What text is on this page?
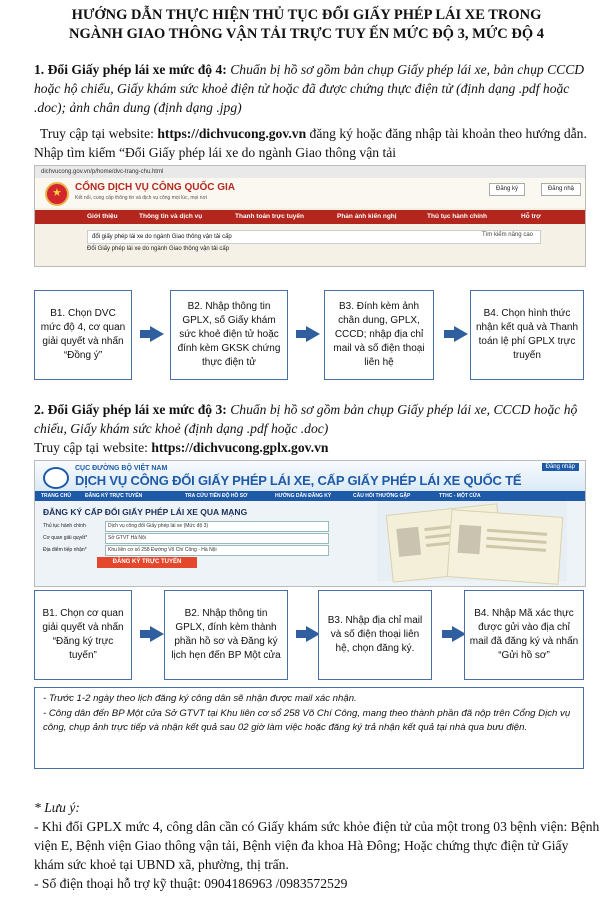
HƯỚNG DẪN THỰC HIỆN THỦ TỤC ĐỔI GIẤY PHÉP LÁI XE TRONG
NGÀNH GIAO THÔNG VẬN TẢI TRỰC TUY ẾN MỨC ĐỘ 3, MỨC ĐỘ 4
1. Đổi Giấy phép lái xe mức độ 4: Chuẩn bị hồ sơ gồm bản chụp Giấy phép lái xe, bản chụp CCCD hoặc hộ chiếu, Giấy khám sức khoẻ điện tử hoặc đã được chứng thực điện tử (định dạng .pdf hoặc .doc); ảnh chân dung (định dạng .jpg)
Truy cập tại website: https://dichvucong.gov.vn đăng ký hoặc đăng nhập tài khoản theo hướng dẫn. Nhập tìm kiếm “Đổi Giấy phép lái xe do ngành Giao thông vận tải
dichvucong.gov.vn/p/home/dvc-trang-chu.html
★
CỔNG DỊCH VỤ CÔNG QUỐC GIA
Kết nối, cung cấp thông tin và dịch vụ công mọi lúc, mọi nơi
Đăng ký	Đăng nhậ
Giới thiệu	Thông tin và dịch vụ	Thanh toán trực tuyến	Phản ánh kiến nghị	Thủ tục hành chính	Hỗ trợ
đổi giấy phép lái xe do ngành Giao thông vận tải cấp	Tìm kiếm nâng cao
Đổi Giấy phép lái xe do ngành Giao thông vận tải cấp
B1. Chọn DVC mức độ 4, cơ quan giải quyết và nhấn “Đồng ý”
B2. Nhập thông tin GPLX, số Giấy khám sức khoẻ điện tử hoặc đính kèm GKSK chứng thực điện tử
B3. Đính kèm ảnh chân dung, GPLX, CCCD; nhập địa chỉ mail và số điện thoại liên hệ
B4. Chọn hình thức nhận kết quả và Thanh toán lệ phí GPLX trực truyến
2. Đổi Giấy phép lái xe mức độ 3: Chuẩn bị hồ sơ gồm bản chụp Giấy phép lái xe, CCCD hoặc hộ chiếu, Giấy khám sức khoẻ (định dạng .pdf hoặc .doc)
Truy cập tại website: https://dichvucong.gplx.gov.vn
CỤC ĐƯỜNG BỘ VIỆT NAM
DỊCH VỤ CÔNG ĐỔI GIẤY PHÉP LÁI XE, CẤP GIẤY PHÉP LÁI XE QUỐC TẾ
Đăng nhập
TRANG CHỦ	ĐĂNG KÝ TRỰC TUYẾN	TRA CỨU TIẾN ĐỘ HỒ SƠ	HƯỚNG DẪN ĐĂNG KÝ	CÂU HỎI THƯỜNG GẶP	TTHC - MỘT CỬA
ĐĂNG KÝ CẤP ĐỔI GIẤY PHÉP LÁI XE QUA MẠNG
Thủ tục hành chính	Dịch vụ công đổi Giấy phép lái xe (Mức độ 3)
Cơ quan giải quyết*	Sở GTVT Hà Nội
Địa điểm tiếp nhận*	Khu liên cơ số 258 Đường Võ Chí Công - Hà Nội
ĐĂNG KÝ TRỰC TUYẾN
B1. Chọn cơ quan giải quyết và nhấn “Đăng ký trực tuyến”
B2. Nhập thông tin GPLX, đính kèm thành phần hồ sơ và Đăng ký lịch hẹn đến BP Một cửa
B3. Nhập địa chỉ mail và số điện thoại liên hệ, chọn đăng ký.
B4. Nhập Mã xác thực được gửi vào địa chỉ mail đã đăng ký và nhấn “Gửi hồ sơ”

- Trước 1-2 ngày theo lịch đăng ký công dân sẽ nhận được mail xác nhận.

- Công dân đến BP Một cửa Sở GTVT tại Khu liên cơ sổ 258 Võ Chí Công, mang theo thành phần đã nộp trên Cổng Dịch vụ công, chụp ảnh trực tiếp và nhận kết quả sau 02 giờ làm việc hoặc đăng ký trả nhận kết quả tại nhà qua bưu điện.

* Lưu ý:
- Khi đổi GPLX mức 4, công dân cần có Giấy khám sức khỏe điện tử của một trong 03 bệnh viện: Bệnh viện E, Bệnh viện Giao thông vận tải, Bệnh viện đa khoa Hà Đông; Hoặc chứng thực điện tử Giấy khám sức khoẻ tại UBND xã, phường, thị trấn.
- Số điện thoại hỗ trợ kỹ thuật: 0904186963 /0983572529
